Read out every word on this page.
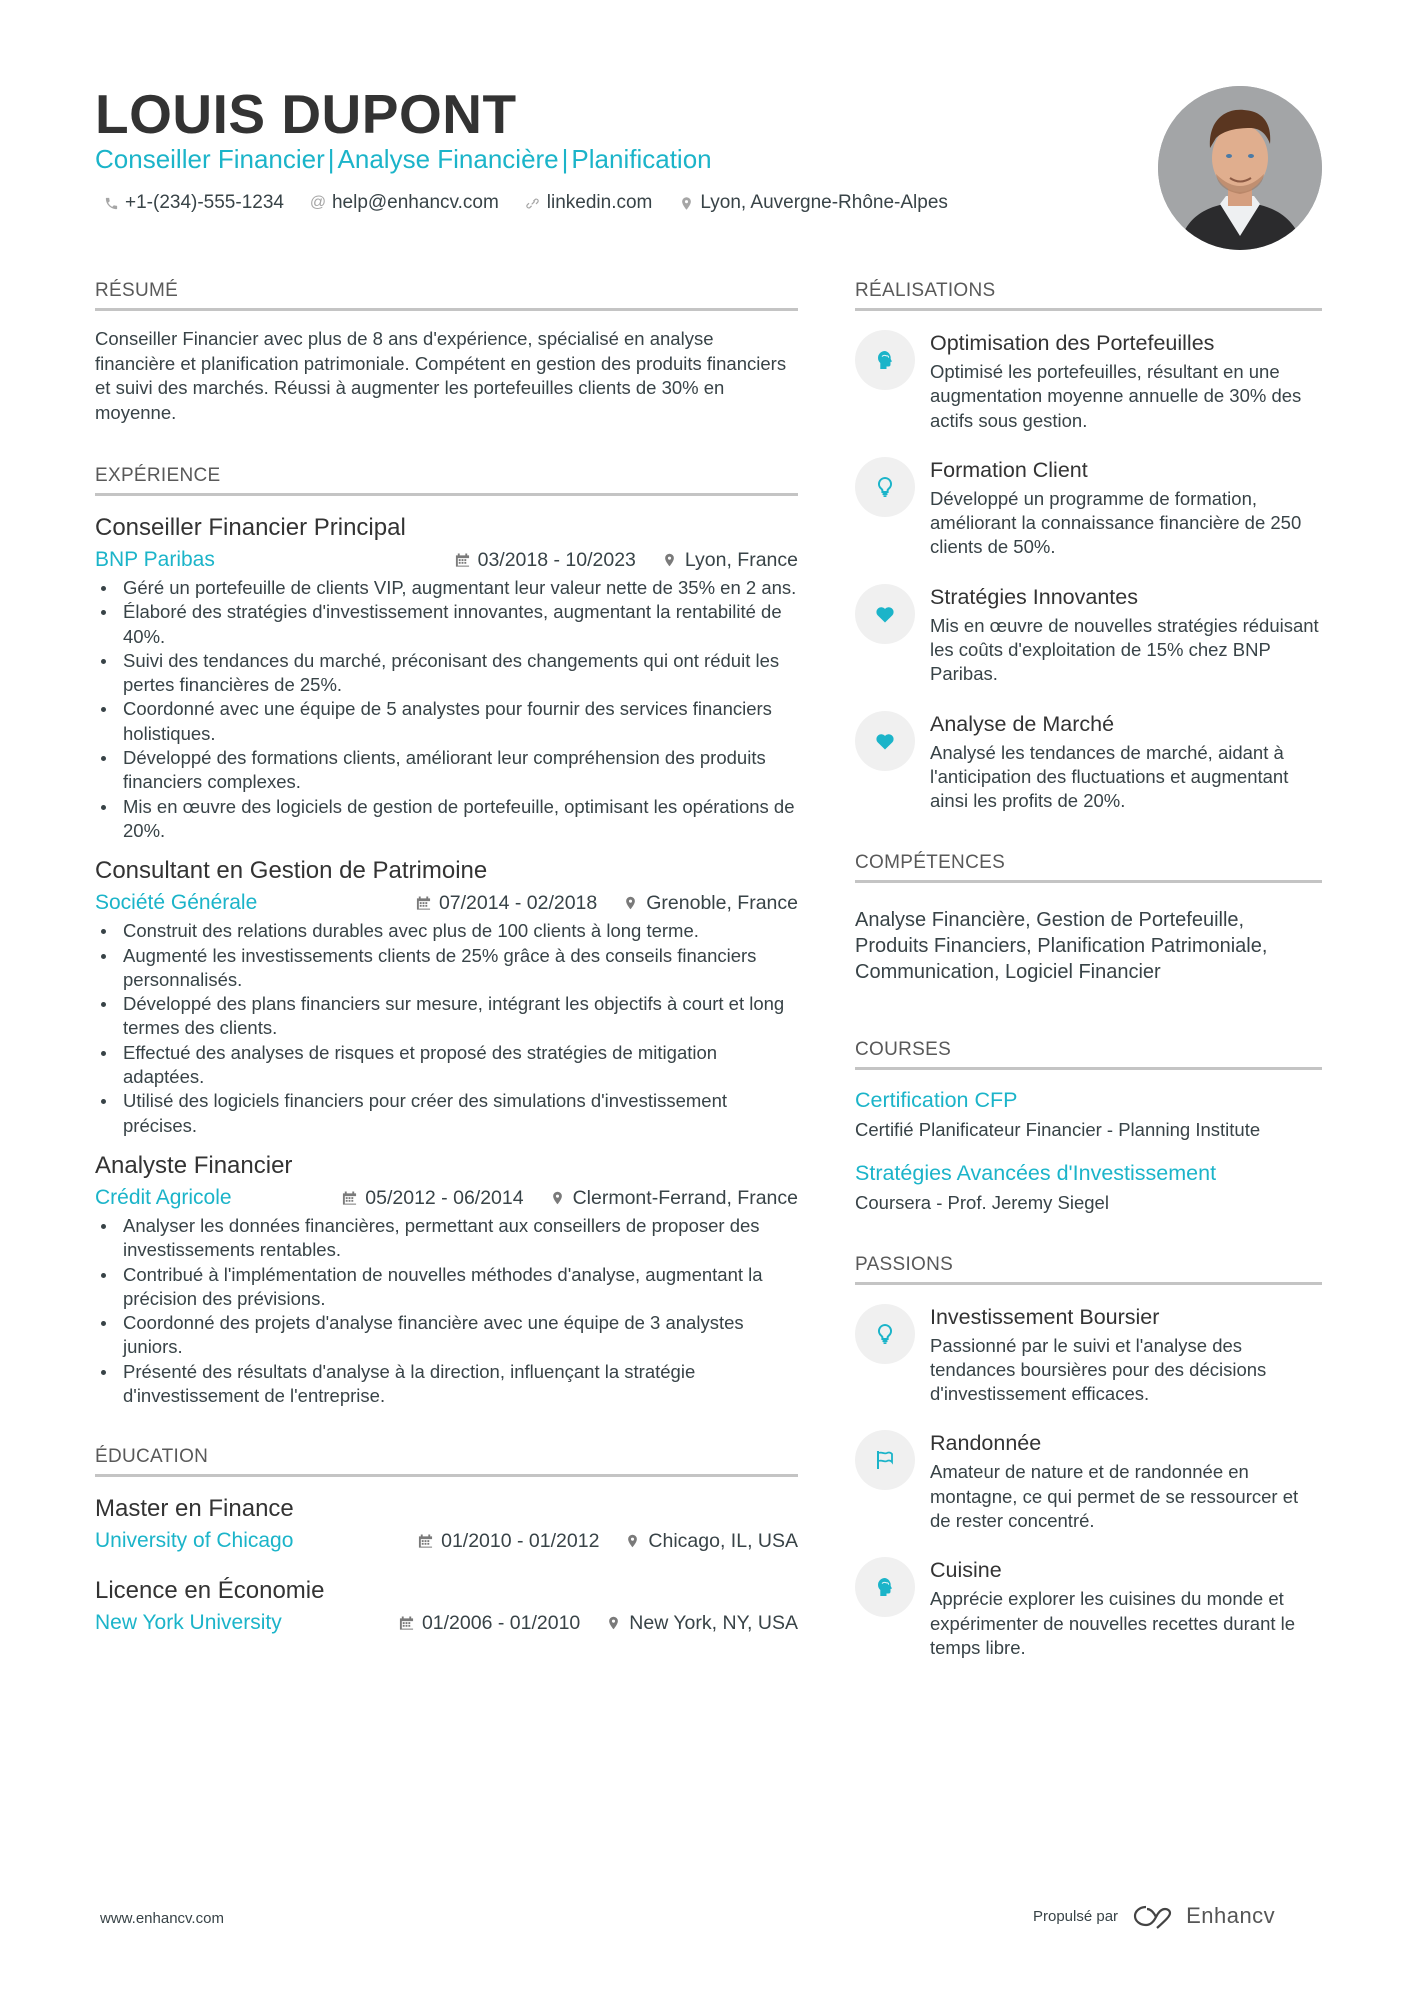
LOUIS DUPONT
Conseiller Financier | Analyse Financière | Planification
+1-(234)-555-1234 @ help@enhancv.com	linkedin.com	Lyon, Auvergne-Rhône-Alpes
RÉSUMÉ

Conseiller Financier avec plus de 8 ans d'expérience, spécialisé en analyse financière et planification patrimoniale. Compétent en gestion des produits financiers et suivi des marchés. Réussi à augmenter les portefeuilles clients de 30% en moyenne.

EXPÉRIENCE
Conseiller Financier Principal
BNP Paribas	03/2018 - 10/2023	Lyon, France
Géré un portefeuille de clients VIP, augmentant leur valeur nette de 35% en 2 ans.
Élaboré des stratégies d'investissement innovantes, augmentant la rentabilité de 40%.
Suivi des tendances du marché, préconisant des changements qui ont réduit les pertes financières de 25%.
Coordonné avec une équipe de 5 analystes pour fournir des services financiers holistiques.
Développé des formations clients, améliorant leur compréhension des produits financiers complexes.
Mis en œuvre des logiciels de gestion de portefeuille, optimisant les opérations de 20%.
Consultant en Gestion de Patrimoine
Société Générale	07/2014 - 02/2018	Grenoble, France
Construit des relations durables avec plus de 100 clients à long terme.
Augmenté les investissements clients de 25% grâce à des conseils financiers personnalisés.
Développé des plans financiers sur mesure, intégrant les objectifs à court et long termes des clients.
Effectué des analyses de risques et proposé des stratégies de mitigation adaptées.
Utilisé des logiciels financiers pour créer des simulations d'investissement précises.
Analyste Financier
Crédit Agricole	05/2012 - 06/2014	Clermont-Ferrand, France
Analyser les données financières, permettant aux conseillers de proposer des investissements rentables.
Contribué à l'implémentation de nouvelles méthodes d'analyse, augmentant la précision des prévisions.
Coordonné des projets d'analyse financière avec une équipe de 3 analystes juniors.
Présenté des résultats d'analyse à la direction, influençant la stratégie d'investissement de l'entreprise.
ÉDUCATION
Master en Finance
University of Chicago	01/2010 - 01/2012	Chicago, IL, USA
Licence en Économie
New York University	01/2006 - 01/2010	New York, NY, USA
RÉALISATIONS
Optimisation des Portefeuilles
Optimisé les portefeuilles, résultant en une augmentation moyenne annuelle de 30% des actifs sous gestion.
Formation Client
Développé un programme de formation, améliorant la connaissance financière de 250 clients de 50%.
Stratégies Innovantes
Mis en œuvre de nouvelles stratégies réduisant les coûts d'exploitation de 15% chez BNP Paribas.
Analyse de Marché
Analysé les tendances de marché, aidant à l'anticipation des fluctuations et augmentant ainsi les profits de 20%.
COMPÉTENCES
Analyse Financière, Gestion de Portefeuille, Produits Financiers, Planification Patrimoniale, Communication, Logiciel Financier
COURSES
Certification CFP
Certifié Planificateur Financier - Planning Institute
Stratégies Avancées d'Investissement
Coursera - Prof. Jeremy Siegel
PASSIONS
Investissement Boursier
Passionné par le suivi et l'analyse des tendances boursières pour des décisions d'investissement efficaces.
Randonnée
Amateur de nature et de randonnée en montagne, ce qui permet de se ressourcer et de rester concentré.
Cuisine
Apprécie explorer les cuisines du monde et expérimenter de nouvelles recettes durant le temps libre.
www.enhancv.com	Propulsé par	Enhancv
